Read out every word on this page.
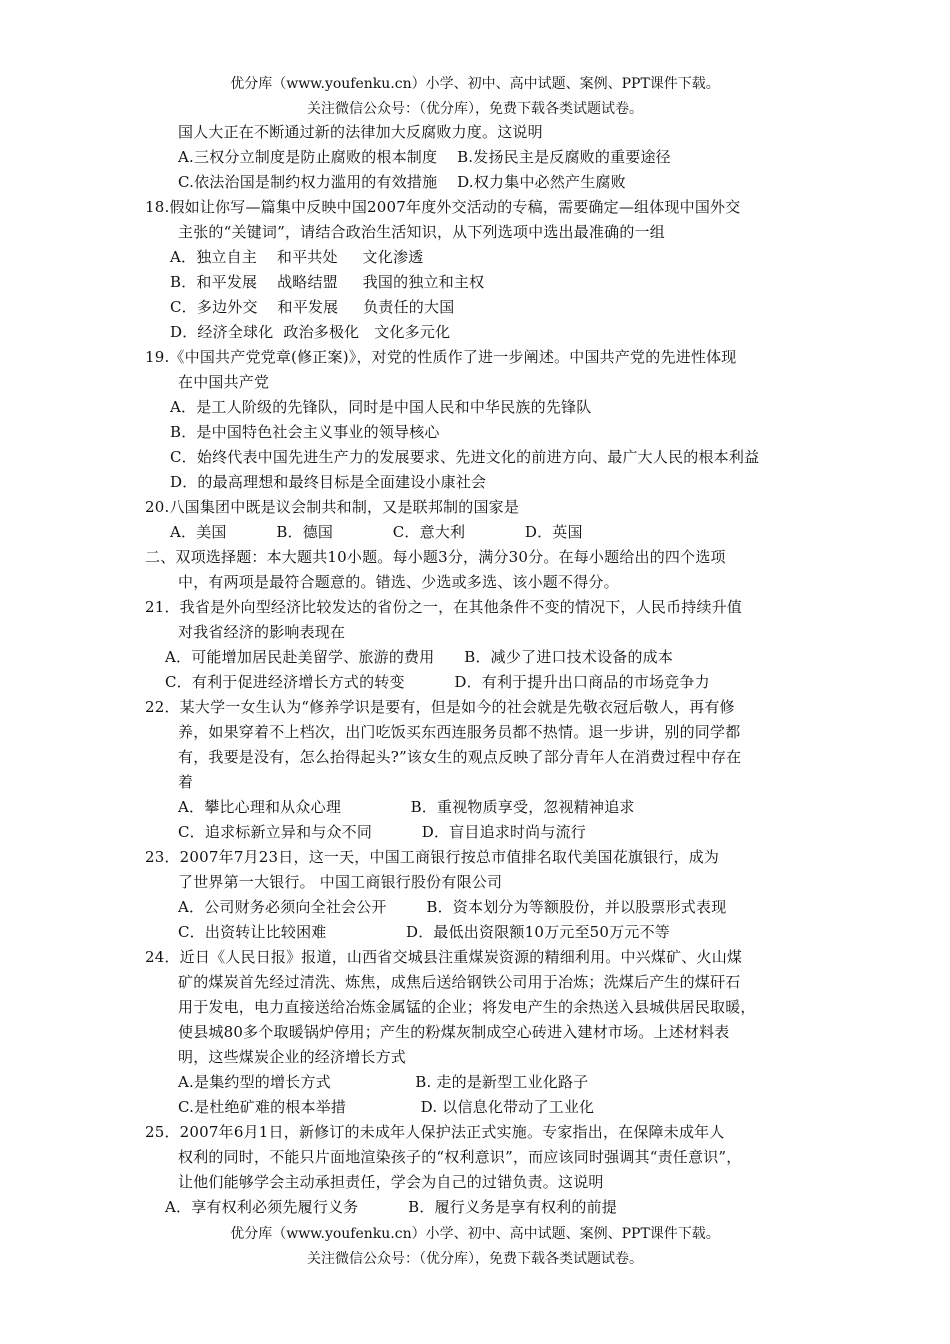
优分库（www.youfenku.cn）小学、初中、高中试题、案例、PPT课件下载。
关注微信公众号：（优分库），免费下载各类试题试卷。
国人大正在不断通过新的法律加大反腐败力度。这说明
A.三权分立制度是防止腐败的根本制度    B.发扬民主是反腐败的重要途径
C.依法治国是制约权力滥用的有效措施    D.权力集中必然产生腐败
18.假如让你写—篇集中反映中国2007年度外交活动的专稿，需要确定—组体现中国外交
主张的“关键词”，请结合政治生活知识，从下列选项中选出最准确的一组
A．独立自主    和平共处     文化渗透
B．和平发展    战略结盟     我国的独立和主权
C．多边外交    和平发展     负责任的大国
D．经济全球化  政治多极化   文化多元化
19.《中国共产党党章(修正案)》，对党的性质作了进一步阐述。中国共产党的先进性体现
在中国共产党
A．是工人阶级的先锋队，同时是中国人民和中华民族的先锋队
B．是中国特色社会主义事业的领导核心
C．始终代表中国先进生产力的发展要求、先进文化的前进方向、最广大人民的根本利益
D．的最高理想和最终目标是全面建设小康社会
20.八国集团中既是议会制共和制，又是联邦制的国家是
A．美国          B．德国            C．意大利            D．英国
二、双项选择题：本大题共10小题。每小题3分，满分30分。在每小题给出的四个选项
中，有两项是最符合题意的。错选、少选或多选、该小题不得分。
21．我省是外向型经济比较发达的省份之一，在其他条件不变的情况下，人民币持续升值
对我省经济的影响表现在
A．可能增加居民赴美留学、旅游的费用      B．减少了进口技术设备的成本
C．有利于促进经济增长方式的转变          D．有利于提升出口商品的市场竞争力
22．某大学一女生认为“修养学识是要有，但是如今的社会就是先敬衣冠后敬人，再有修
养，如果穿着不上档次，出门吃饭买东西连服务员都不热情。退一步讲，别的同学都
有，我要是没有，怎么抬得起头?”该女生的观点反映了部分青年人在消费过程中存在
着
A．攀比心理和从众心理              B．重视物质享受，忽视精神追求
C．追求标新立异和与众不同          D．盲目追求时尚与流行
23．2007年7月23日，这一天，中国工商银行按总市值排名取代美国花旗银行，成为
了世界第一大银行。 中国工商银行股份有限公司
A．公司财务必须向全社会公开        B．资本划分为等额股份，并以股票形式表现
C．出资转让比较困难                D．最低出资限额10万元至50万元不等
24．近日《人民日报》报道，山西省交城县注重煤炭资源的精细利用。中兴煤矿、火山煤
矿的煤炭首先经过清洗、炼焦，成焦后送给钢铁公司用于冶炼；洗煤后产生的煤矸石
用于发电，电力直接送给冶炼金属锰的企业；将发电产生的余热送入县城供居民取暖，
使县城80多个取暖锅炉停用；产生的粉煤灰制成空心砖进入建材市场。上述材料表
明，这些煤炭企业的经济增长方式
A.是集约型的增长方式                 B. 走的是新型工业化路子
C.是杜绝矿难的根本举措               D. 以信息化带动了工业化
25．2007年6月1日，新修订的未成年人保护法正式实施。专家指出，在保障未成年人
权利的同时，不能只片面地渲染孩子的“权利意识”，而应该同时强调其“责任意识”，
让他们能够学会主动承担责任，学会为自己的过错负责。这说明
A．享有权利必须先履行义务          B．履行义务是享有权利的前提
优分库（www.youfenku.cn）小学、初中、高中试题、案例、PPT课件下载。
关注微信公众号：（优分库），免费下载各类试题试卷。
